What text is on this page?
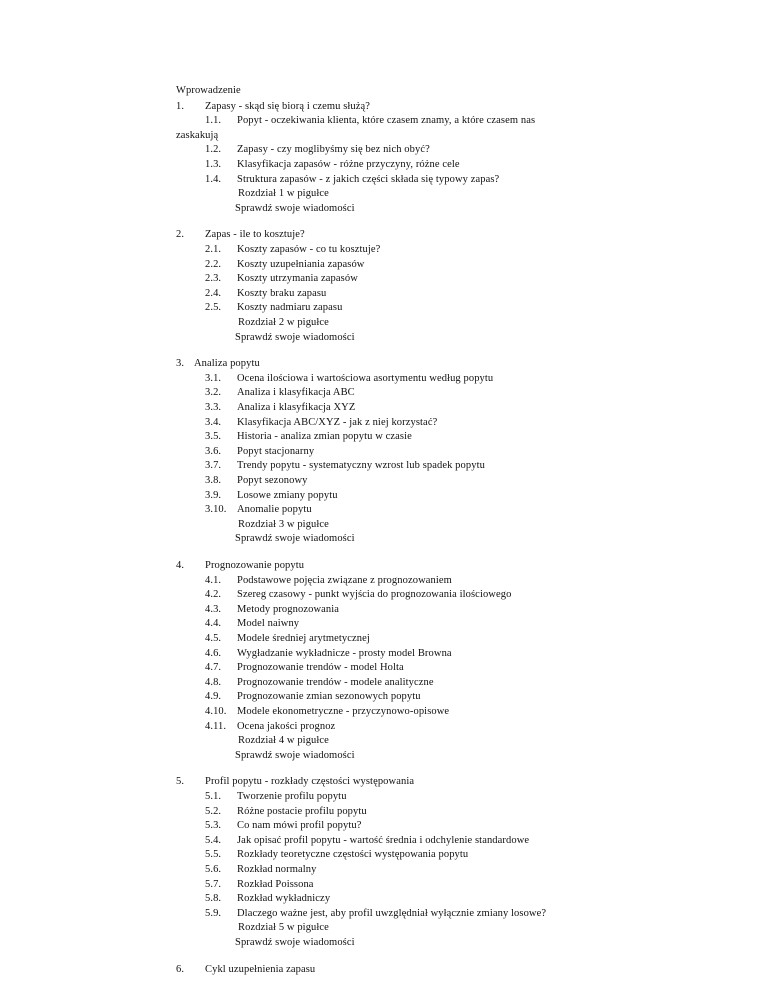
Wprowadzenie
1. Zapasy - skąd się biorą i czemu służą?
1.1. Popyt - oczekiwania klienta, które czasem znamy, a które czasem nas
zaskakują
1.2. Zapasy - czy moglibyśmy się bez nich obyć?
1.3. Klasyfikacja zapasów - różne przyczyny, różne cele
1.4. Struktura zapasów - z jakich części składa się typowy zapas?
Rozdział 1 w pigułce
Sprawdź swoje wiadomości
2. Zapas - ile to kosztuje?
2.1. Koszty zapasów - co tu kosztuje?
2.2. Koszty uzupełniania zapasów
2.3. Koszty utrzymania zapasów
2.4. Koszty braku zapasu
2.5. Koszty nadmiaru zapasu
Rozdział 2 w pigułce
Sprawdź swoje wiadomości
3. Analiza popytu
3.1. Ocena ilościowa i wartościowa asortymentu według popytu
3.2. Analiza i klasyfikacja ABC
3.3. Analiza i klasyfikacja XYZ
3.4. Klasyfikacja ABC/XYZ - jak z niej korzystać?
3.5. Historia - analiza zmian popytu w czasie
3.6. Popyt stacjonarny
3.7. Trendy popytu - systematyczny wzrost lub spadek popytu
3.8. Popyt sezonowy
3.9. Losowe zmiany popytu
3.10. Anomalie popytu
Rozdział 3 w pigułce
Sprawdź swoje wiadomości
4. Prognozowanie popytu
4.1. Podstawowe pojęcia związane z prognozowaniem
4.2. Szereg czasowy - punkt wyjścia do prognozowania ilościowego
4.3. Metody prognozowania
4.4. Model naiwny
4.5. Modele średniej arytmetycznej
4.6. Wygładzanie wykładnicze - prosty model Browna
4.7. Prognozowanie trendów - model Holta
4.8. Prognozowanie trendów - modele analityczne
4.9. Prognozowanie zmian sezonowych popytu
4.10. Modele ekonometryczne - przyczynowo-opisowe
4.11. Ocena jakości prognoz
Rozdział 4 w pigułce
Sprawdź swoje wiadomości
5. Profil popytu - rozkłady częstości występowania
5.1. Tworzenie profilu popytu
5.2. Różne postacie profilu popytu
5.3. Co nam mówi profil popytu?
5.4. Jak opisać profil popytu - wartość średnia i odchylenie standardowe
5.5. Rozkłady teoretyczne częstości występowania popytu
5.6. Rozkład normalny
5.7. Rozkład Poissona
5.8. Rozkład wykładniczy
5.9. Dlaczego ważne jest, aby profil uwzględniał wyłącznie zmiany losowe?
Rozdział 5 w pigułce
Sprawdź swoje wiadomości
6. Cykl uzupełnienia zapasu
